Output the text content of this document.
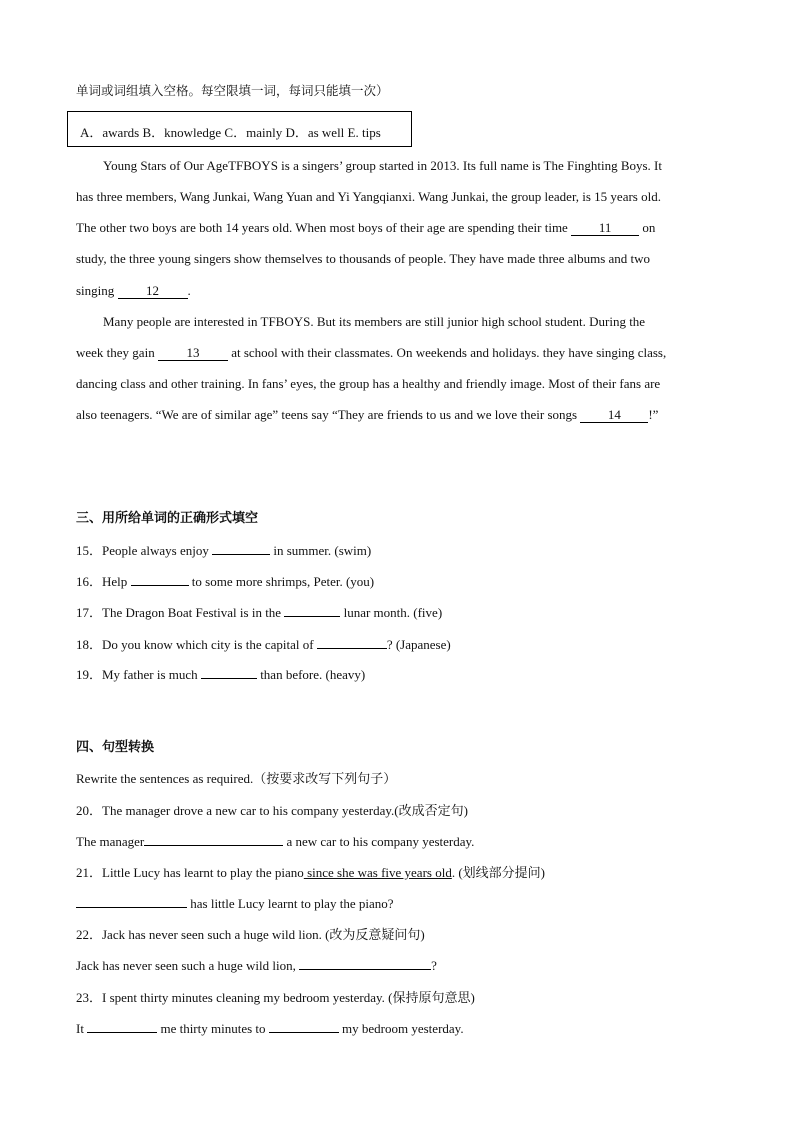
单词或词组填入空格。每空限填一词，每词只能填一次）
A．awards B．knowledge C．mainly D．as well E. tips
Young Stars of Our AgeTFBOYS is a singers’ group started in 2013. Its full name is The Finghting Boys. It
has three members, Wang Junkai, Wang Yuan and Yi Yangqianxi. Wang Junkai, the group leader, is 15 years old.
The other two boys are both 14 years old. When most boys of their age are spending their time 11 on
study, the three young singers show themselves to thousands of people. They have made three albums and two
singing 12 .
Many people are interested in TFBOYS. But its members are still junior high school student. During the
week they gain 13 at school with their classmates. On weekends and holidays. they have singing class,
dancing class and other training. In fans’ eyes, the group has a healthy and friendly image. Most of their fans are
also teenagers. “We are of similar age” teens say “They are friends to us and we love their songs 14 !”
三、用所给单词的正确形式填空
15．People always enjoy	in summer. (swim)
16．Help	to some more shrimps, Peter. (you)
17．The Dragon Boat Festival is in the	lunar month. (five)
18．Do you know which city is the capital of	? (Japanese)
19．My father is much	than before. (heavy)
四、句型转换
Rewrite the sentences as required.（按要求改写下列句子）
20．The manager drove a new car to his company yesterday.(改成否定句)
The manager	a new car to his company yesterday.
21．Little Lucy has learnt to play the piano since she was five years old. (划线部分提问)
has little Lucy learnt to play the piano?
22．Jack has never seen such a huge wild lion. (改为反意疑问句)
Jack has never seen such a huge wild lion,	?
23．I spent thirty minutes cleaning my bedroom yesterday. (保持原句意思)
It	me thirty minutes to	my bedroom yesterday.
